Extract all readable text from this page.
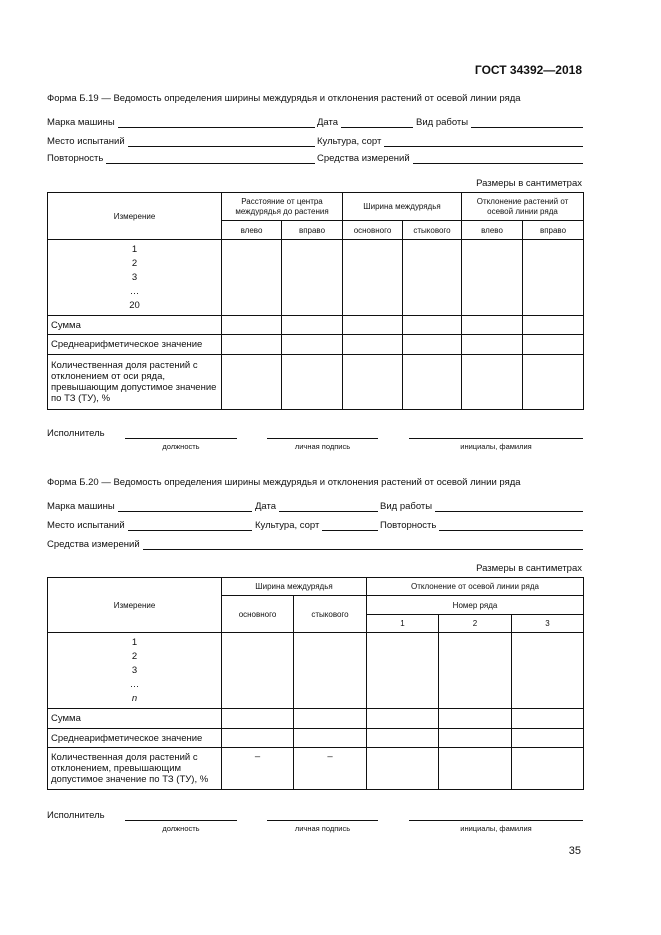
ГОСТ 34392—2018
Форма Б.19 — Ведомость определения ширины междурядья и отклонения растений от осевой линии ряда
Марка машины	Дата	Вид работы
Место испытаний	Культура, сорт
Повторность	Средства измерений
Размеры в сантиметрах
Измерение	Расстояние от центра междурядья до растения		Ширина междурядья		Отклонение растений от осевой линии ряда	
	влево	вправо	основного	стыкового	влево	вправо

1
2
3
…
20						

Сумма						
Среднеарифметическое значение						
Количественная доля растений с отклонением от оси ряда, превышающим допустимое значение по ТЗ (ТУ), %						
Исполнитель
должность	личная подпись	инициалы, фамилия
Форма Б.20 — Ведомость определения ширины междурядья и отклонения растений от осевой линии ряда
Марка машины	Дата	Вид работы
Место испытаний	Культура, сорт	Повторность
Средства измерений
Размеры в сантиметрах
Измерение	Ширина междурядья		Отклонение от осевой линии ряда		
	основного	стыкового	Номер ряда		
			1	2	3

1
2
3
…
n					

Сумма					
Среднеарифметическое значение					
Количественная доля растений с отклонением, превышающим допустимое значение по ТЗ (ТУ), %	–	–			
Исполнитель
должность	личная подпись	инициалы, фамилия
35
